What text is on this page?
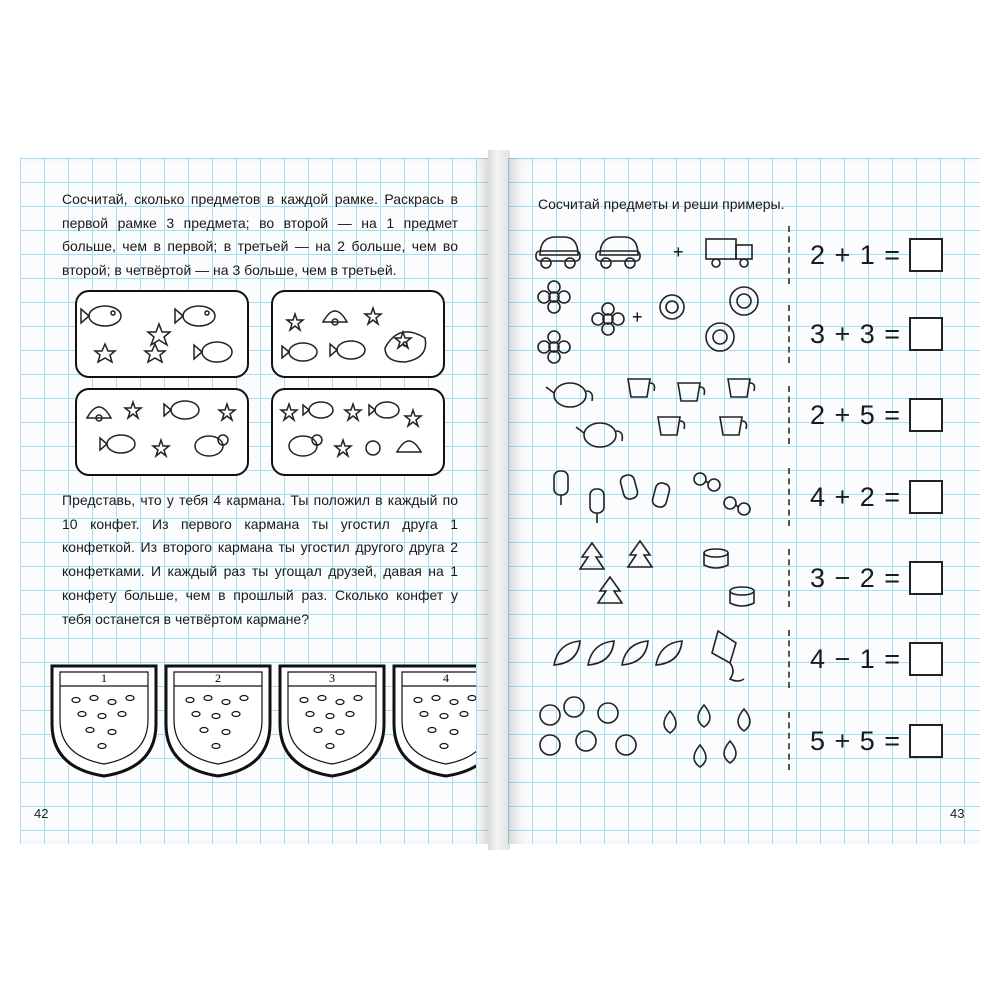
Сосчитай, сколько предметов в каждой рамке. Раскрась в первой рамке 3 предмета; во второй — на 1 предмет больше, чем в первой; в третьей — на 2 больше, чем во второй; в четвёртой — на 3 больше, чем в третьей.
Представь, что у тебя 4 кармана. Ты положил в каждый по 10 конфет. Из первого кармана ты угостил друга 1 конфеткой. Из второго кармана ты угостил другого друга 2 конфетками. И каждый раз ты угощал друзей, давая на 1 конфету больше, чем в прошлый раз. Сколько конфет у тебя останется в четвёртом кармане?
1	2	3	4
42
Сосчитай предметы и реши примеры.
+
+
2 + 1 =
3 + 3 =
2 + 5 =
4 + 2 =
3 − 2 =
4 − 1 =
5 + 5 =
43
